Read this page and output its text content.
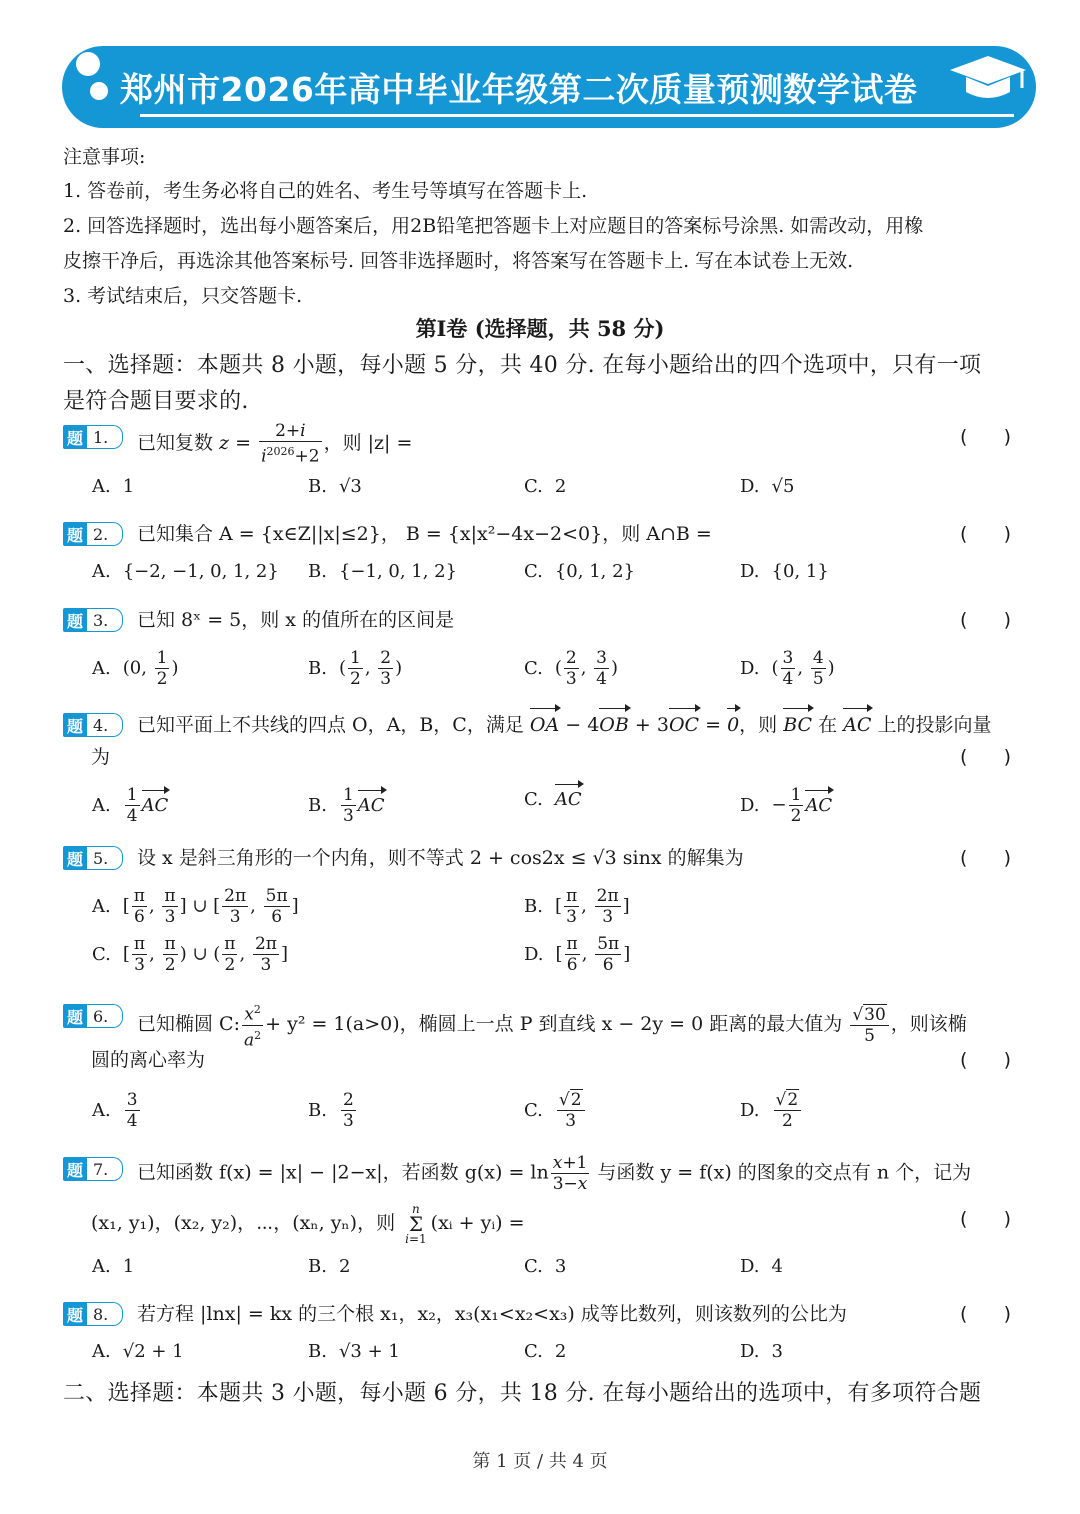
郑州市2026年高中毕业年级第二次质量预测数学试卷
注意事项:
1. 答卷前，考生务必将自己的姓名、考生号等填写在答题卡上.
2. 回答选择题时，选出每小题答案后，用2B铅笔把答题卡上对应题目的答案标号涂黑. 如需改动，用橡
皮擦干净后，再选涂其他答案标号. 回答非选择题时，将答案写在答题卡上. 写在本试卷上无效.
3. 考试结束后，只交答题卡.
第Ⅰ卷 (选择题，共 58 分)
一、选择题：本题共 8 小题，每小题 5 分，共 40 分. 在每小题给出的四个选项中，只有一项
是符合题目要求的.
题 1.	已知复数 $z = \frac{2+i}{i^{2026}+2}$ ，则 |z| =	(      )
A. 1	B. √3	C. 2	D. √5
题 2.	已知集合 A = {x∈Z||x|≤2}， B = {x|x²−4x−2<0}，则 A∩B =	(      )
A. {−2, −1, 0, 1, 2} B. {−1, 0, 1, 2}	C. {0, 1, 2}	D. {0, 1}
题 3.	已知 8ˣ = 5，则 x 的值所在的区间是	(      )
A. (0, $\frac{1}{2}$ )	B. ( $\frac{1}{2}$ , $\frac{2}{3}$ )	C. ( $\frac{2}{3}$ , $\frac{3}{4}$ )	D. ( $\frac{3}{4}$ , $\frac{4}{5}$ )
题 4.	已知平面上不共线的四点 O，A，B，C，满足 OA − 4OB + 3OC = 0，则 BC 在 AC 上的投影向量
为	(      )
A. $\frac{1}{4}$ AC	B. $\frac{1}{3}$ AC	C. AC	D. − $\frac{1}{2}$ AC
题 5.	设 x 是斜三角形的一个内角，则不等式 2 + cos2x ≤ √3 sinx 的解集为	(      )
A. [ $\frac{\pi}{6}$ , $\frac{\pi}{3}$ ] ∪ [ $\frac{2\pi}{3}$ , $\frac{5\pi}{6}$ ]	B. [ $\frac{\pi}{3}$ , $\frac{2\pi}{3}$ ]
C. [ $\frac{\pi}{3}$ , $\frac{\pi}{2}$ ) ∪ ( $\frac{\pi}{2}$ , $\frac{2\pi}{3}$ ]	D. [ $\frac{\pi}{6}$ , $\frac{5\pi}{6}$ ]
题 6.	已知椭圆 C: $\frac{x^2}{a^2} + y^2 = 1(a>0)$，椭圆上一点 P 到直线 x − 2y = 0 距离的最大值为 $\frac{√30}{5}$ ，则该椭
圆的离心率为	(      )
A. $\frac{3}{4}$	B. $\frac{2}{3}$	C. $\frac{√2}{3}$	D. $\frac{√2}{2}$
题 7.	已知函数 f(x) = |x| − |2−x|，若函数 $g(x) = \ln \frac{x+1}{3-x}$ 与函数 y = f(x) 的图象的交点有 n 个，记为
(x₁, y₁)，(x₂, y₂)，⋯，(xₙ, yₙ)，则
n
Σ
i=1
(xᵢ + yᵢ) =	(      )
A. 1	B. 2	C. 3	D. 4
题 8.	若方程 |lnx| = kx 的三个根 x₁，x₂，x₃(x₁<x₂<x₃) 成等比数列，则该数列的公比为	(      )
A. √2 + 1	B. √3 + 1	C. 2	D. 3
二、选择题：本题共 3 小题，每小题 6 分，共 18 分. 在每小题给出的选项中，有多项符合题
第 1 页 / 共 4 页
